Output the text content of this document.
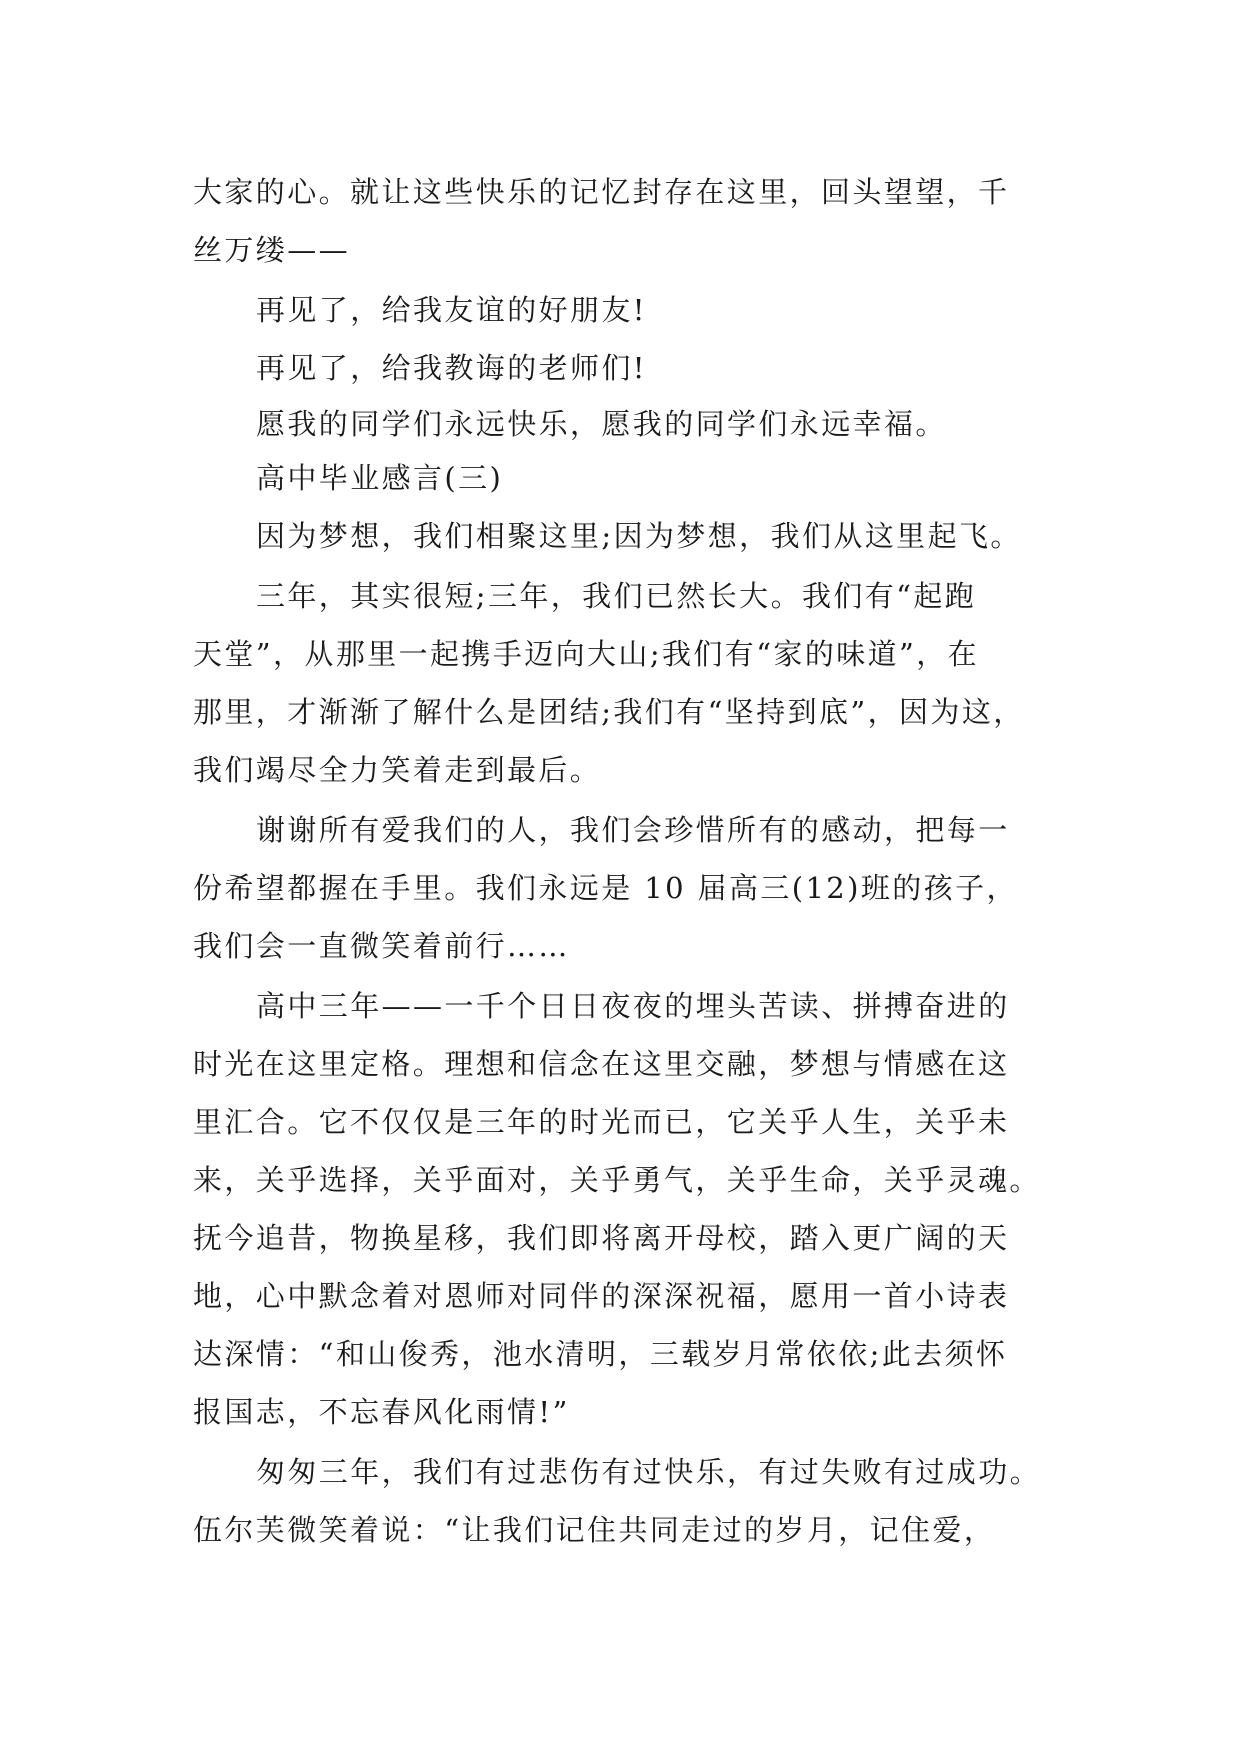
大家的心。就让这些快乐的记忆封存在这里，回头望望，千
丝万缕——
再见了，给我友谊的好朋友!
再见了，给我教诲的老师们!
愿我的同学们永远快乐，愿我的同学们永远幸福。
高中毕业感言(三)
因为梦想，我们相聚这里;因为梦想，我们从这里起飞。
三年，其实很短;三年，我们已然长大。我们有“起跑
天堂”，从那里一起携手迈向大山;我们有“家的味道”，在
那里，才渐渐了解什么是团结;我们有“坚持到底”，因为这，
我们竭尽全力笑着走到最后。
谢谢所有爱我们的人，我们会珍惜所有的感动，把每一
份希望都握在手里。我们永远是 10 届高三(12)班的孩子，
我们会一直微笑着前行……
高中三年——一千个日日夜夜的埋头苦读、拼搏奋进的
时光在这里定格。理想和信念在这里交融，梦想与情感在这
里汇合。它不仅仅是三年的时光而已，它关乎人生，关乎未
来，关乎选择，关乎面对，关乎勇气，关乎生命，关乎灵魂。
抚今追昔，物换星移，我们即将离开母校，踏入更广阔的天
地，心中默念着对恩师对同伴的深深祝福，愿用一首小诗表
达深情：“和山俊秀，池水清明，三载岁月常依依;此去须怀
报国志，不忘春风化雨情!”
匆匆三年，我们有过悲伤有过快乐，有过失败有过成功。
伍尔芙微笑着说：“让我们记住共同走过的岁月，记住爱，
